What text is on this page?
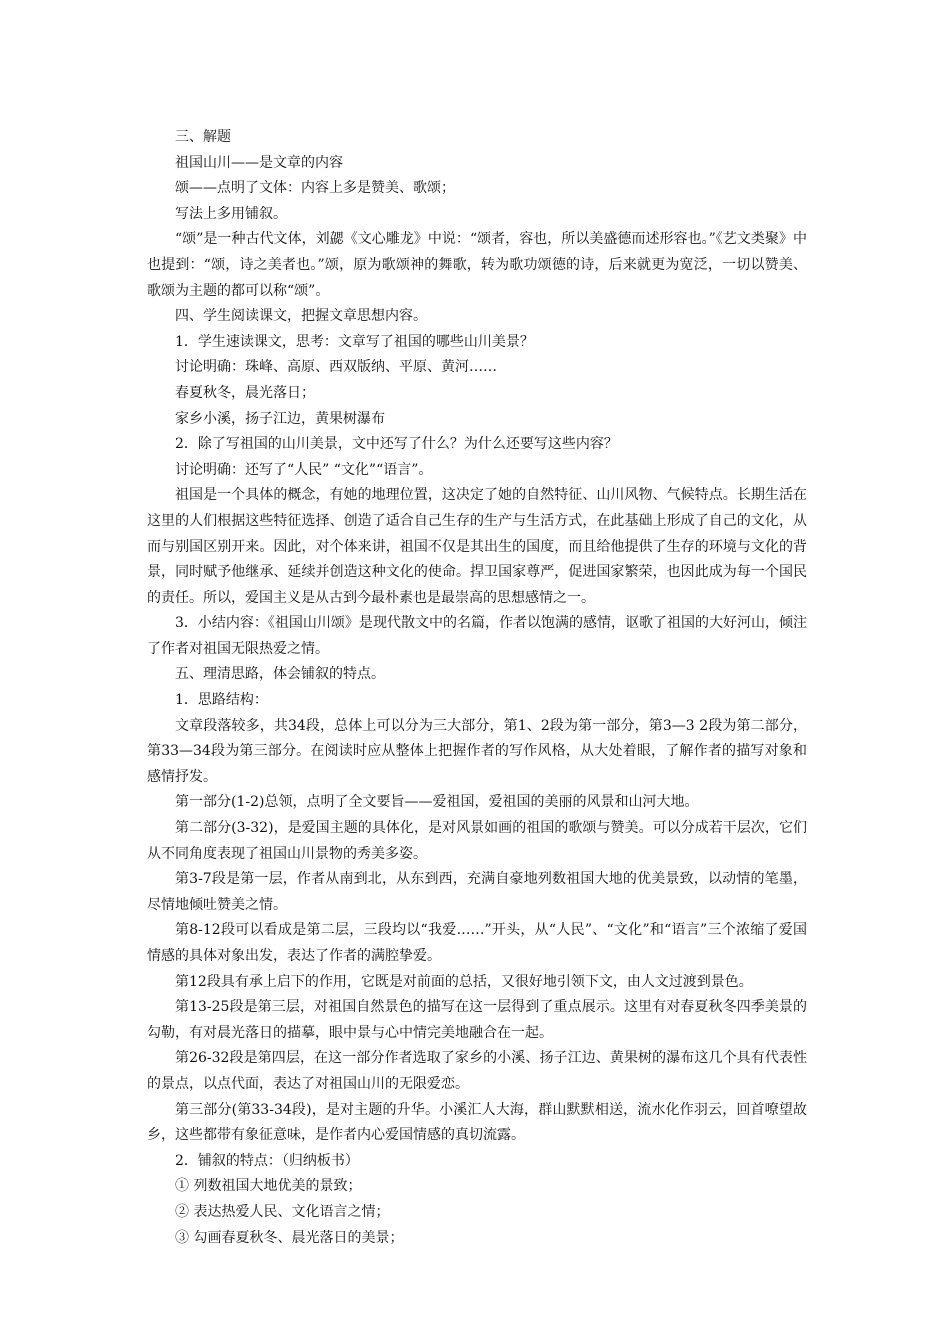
三、解题

祖国山川——是文章的内容

颂——点明了文体：内容上多是赞美、歌颂；

写法上多用铺叙。

“颂”是一种古代文体，刘勰《文心雕龙》中说：“颂者，容也，所以美盛德而述形容也。”《艺文类聚》中也提到：“颂，诗之美者也。”颂，原为歌颂神的舞歌，转为歌功颂德的诗，后来就更为宽泛，一切以赞美、歌颂为主题的都可以称“颂”。

四、学生阅读课文，把握文章思想内容。

1．学生速读课文，思考：文章写了祖国的哪些山川美景？

讨论明确：珠峰、高原、西双版纳、平原、黄河……

春夏秋冬，晨光落日；

家乡小溪，扬子江边，黄果树瀑布

2．除了写祖国的山川美景，文中还写了什么？为什么还要写这些内容？

讨论明确：还写了“人民” “文化”“语言”。

祖国是一个具体的概念，有她的地理位置，这决定了她的自然特征、山川风物、气候特点。长期生活在这里的人们根据这些特征选择、创造了适合自己生存的生产与生活方式，在此基础上形成了自己的文化，从而与别国区别开来。因此，对个体来讲，祖国不仅是其出生的国度，而且给他提供了生存的环境与文化的背景，同时赋予他继承、延续并创造这种文化的使命。捍卫国家尊严，促进国家繁荣，也因此成为每一个国民的责任。所以，爱国主义是从古到今最朴素也是最崇高的思想感情之一。

3．小结内容：《祖国山川颂》是现代散文中的名篇，作者以饱满的感情，讴歌了祖国的大好河山，倾注了作者对祖国无限热爱之情。

五、理清思路，体会铺叙的特点。

1．思路结构：

文章段落较多，共34段，总体上可以分为三大部分，第1、2段为第一部分，第3—3 2段为第二部分，第33—34段为第三部分。在阅读时应从整体上把握作者的写作风格，从大处着眼，了解作者的描写对象和感情抒发。

第一部分(1-2)总领，点明了全文要旨——爱祖国，爱祖国的美丽的风景和山河大地。

第二部分(3-32)，是爱国主题的具体化，是对风景如画的祖国的歌颂与赞美。可以分成若干层次，它们从不同角度表现了祖国山川景物的秀美多姿。

第3-7段是第一层，作者从南到北，从东到西，充满自豪地列数祖国大地的优美景致，以动情的笔墨，尽情地倾吐赞美之情。

第8-12段可以看成是第二层，三段均以“我爱……”开头，从“人民”、“文化”和“语言”三个浓缩了爱国情感的具体对象出发，表达了作者的满腔挚爱。

第12段具有承上启下的作用，它既是对前面的总括，又很好地引领下文，由人文过渡到景色。

第13-25段是第三层，对祖国自然景色的描写在这一层得到了重点展示。这里有对春夏秋冬四季美景的勾勒，有对晨光落日的描摹，眼中景与心中情完美地融合在一起。

第26-32段是第四层，在这一部分作者选取了家乡的小溪、扬子江边、黄果树的瀑布这几个具有代表性的景点，以点代面，表达了对祖国山川的无限爱恋。

第三部分(第33-34段)，是对主题的升华。小溪汇人大海，群山默默相送，流水化作羽云，回首嘹望故乡，这些都带有象征意味，是作者内心爱国情感的真切流露。

2．铺叙的特点：（归纳板书）

① 列数祖国大地优美的景致；

② 表达热爱人民、文化语言之情；

③ 勾画春夏秋冬、晨光落日的美景；
